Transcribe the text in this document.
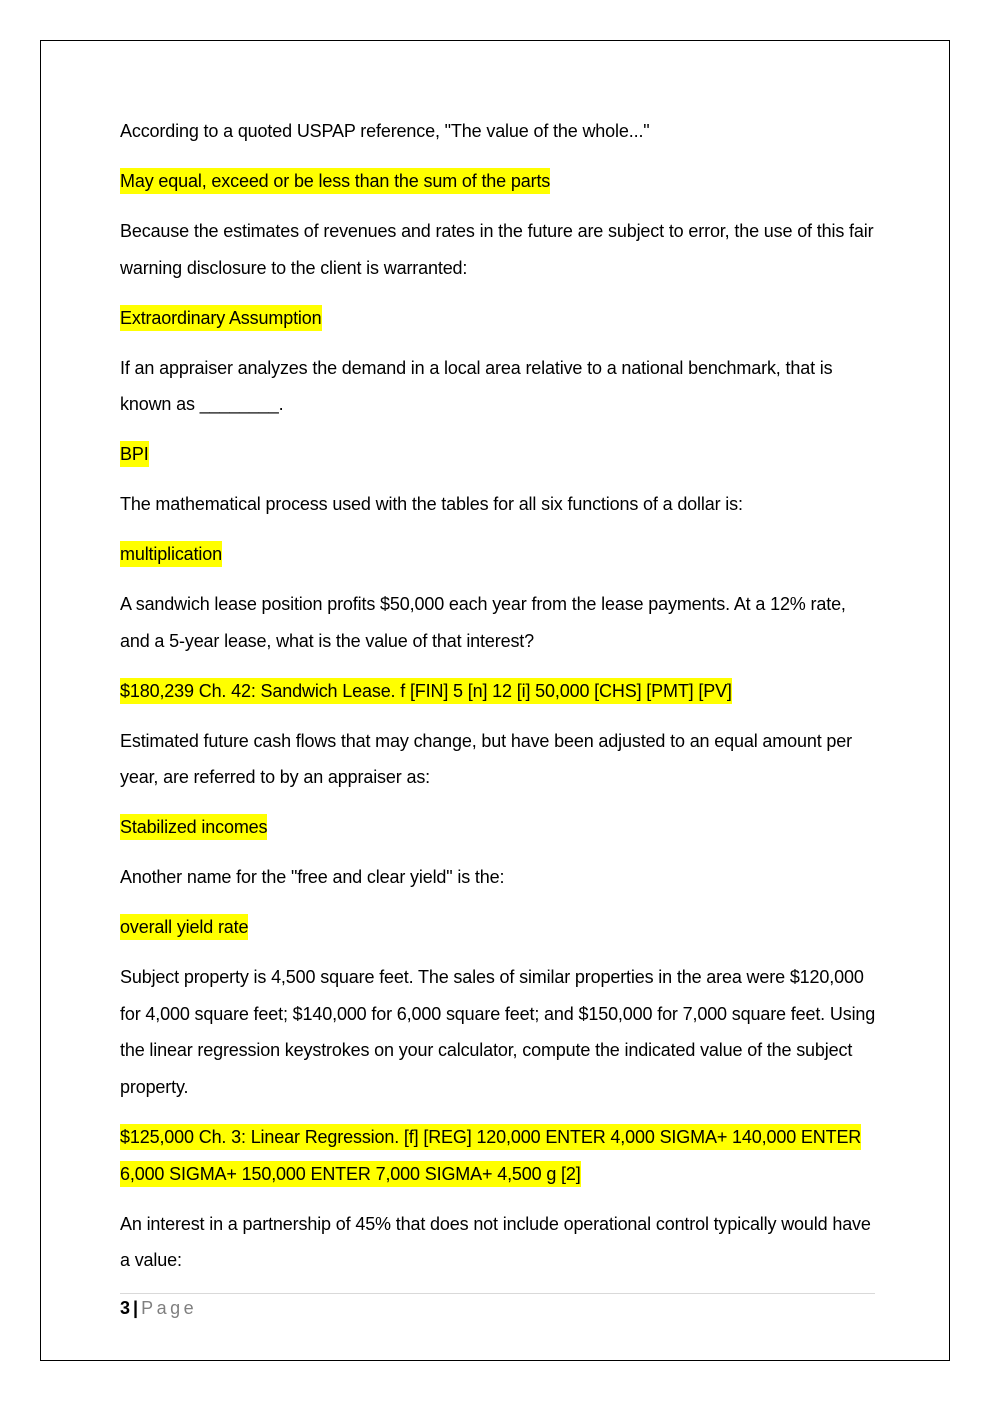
According to a quoted USPAP reference, "The value of the whole..."

May equal, exceed or be less than the sum of the parts

Because the estimates of revenues and rates in the future are subject to error, the use of this fair warning disclosure to the client is warranted:

Extraordinary Assumption

If an appraiser analyzes the demand in a local area relative to a national benchmark, that is known as ________.

BPI

The mathematical process used with the tables for all six functions of a dollar is:

multiplication

A sandwich lease position profits $50,000 each year from the lease payments. At a 12% rate, and a 5-year lease, what is the value of that interest?

$180,239 Ch. 42: Sandwich Lease. f [FIN] 5 [n] 12 [i] 50,000 [CHS] [PMT] [PV]

Estimated future cash flows that may change, but have been adjusted to an equal amount per year, are referred to by an appraiser as:

Stabilized incomes

Another name for the "free and clear yield" is the:

overall yield rate

Subject property is 4,500 square feet. The sales of similar properties in the area were $120,000 for 4,000 square feet; $140,000 for 6,000 square feet; and $150,000 for 7,000 square feet. Using the linear regression keystrokes on your calculator, compute the indicated value of the subject property.

$125,000 Ch. 3: Linear Regression. [f] [REG] 120,000 ENTER 4,000 SIGMA+ 140,000 ENTER 6,000 SIGMA+ 150,000 ENTER 7,000 SIGMA+ 4,500 g [2]

An interest in a partnership of 45% that does not include operational control typically would have a value:

3 | Page
